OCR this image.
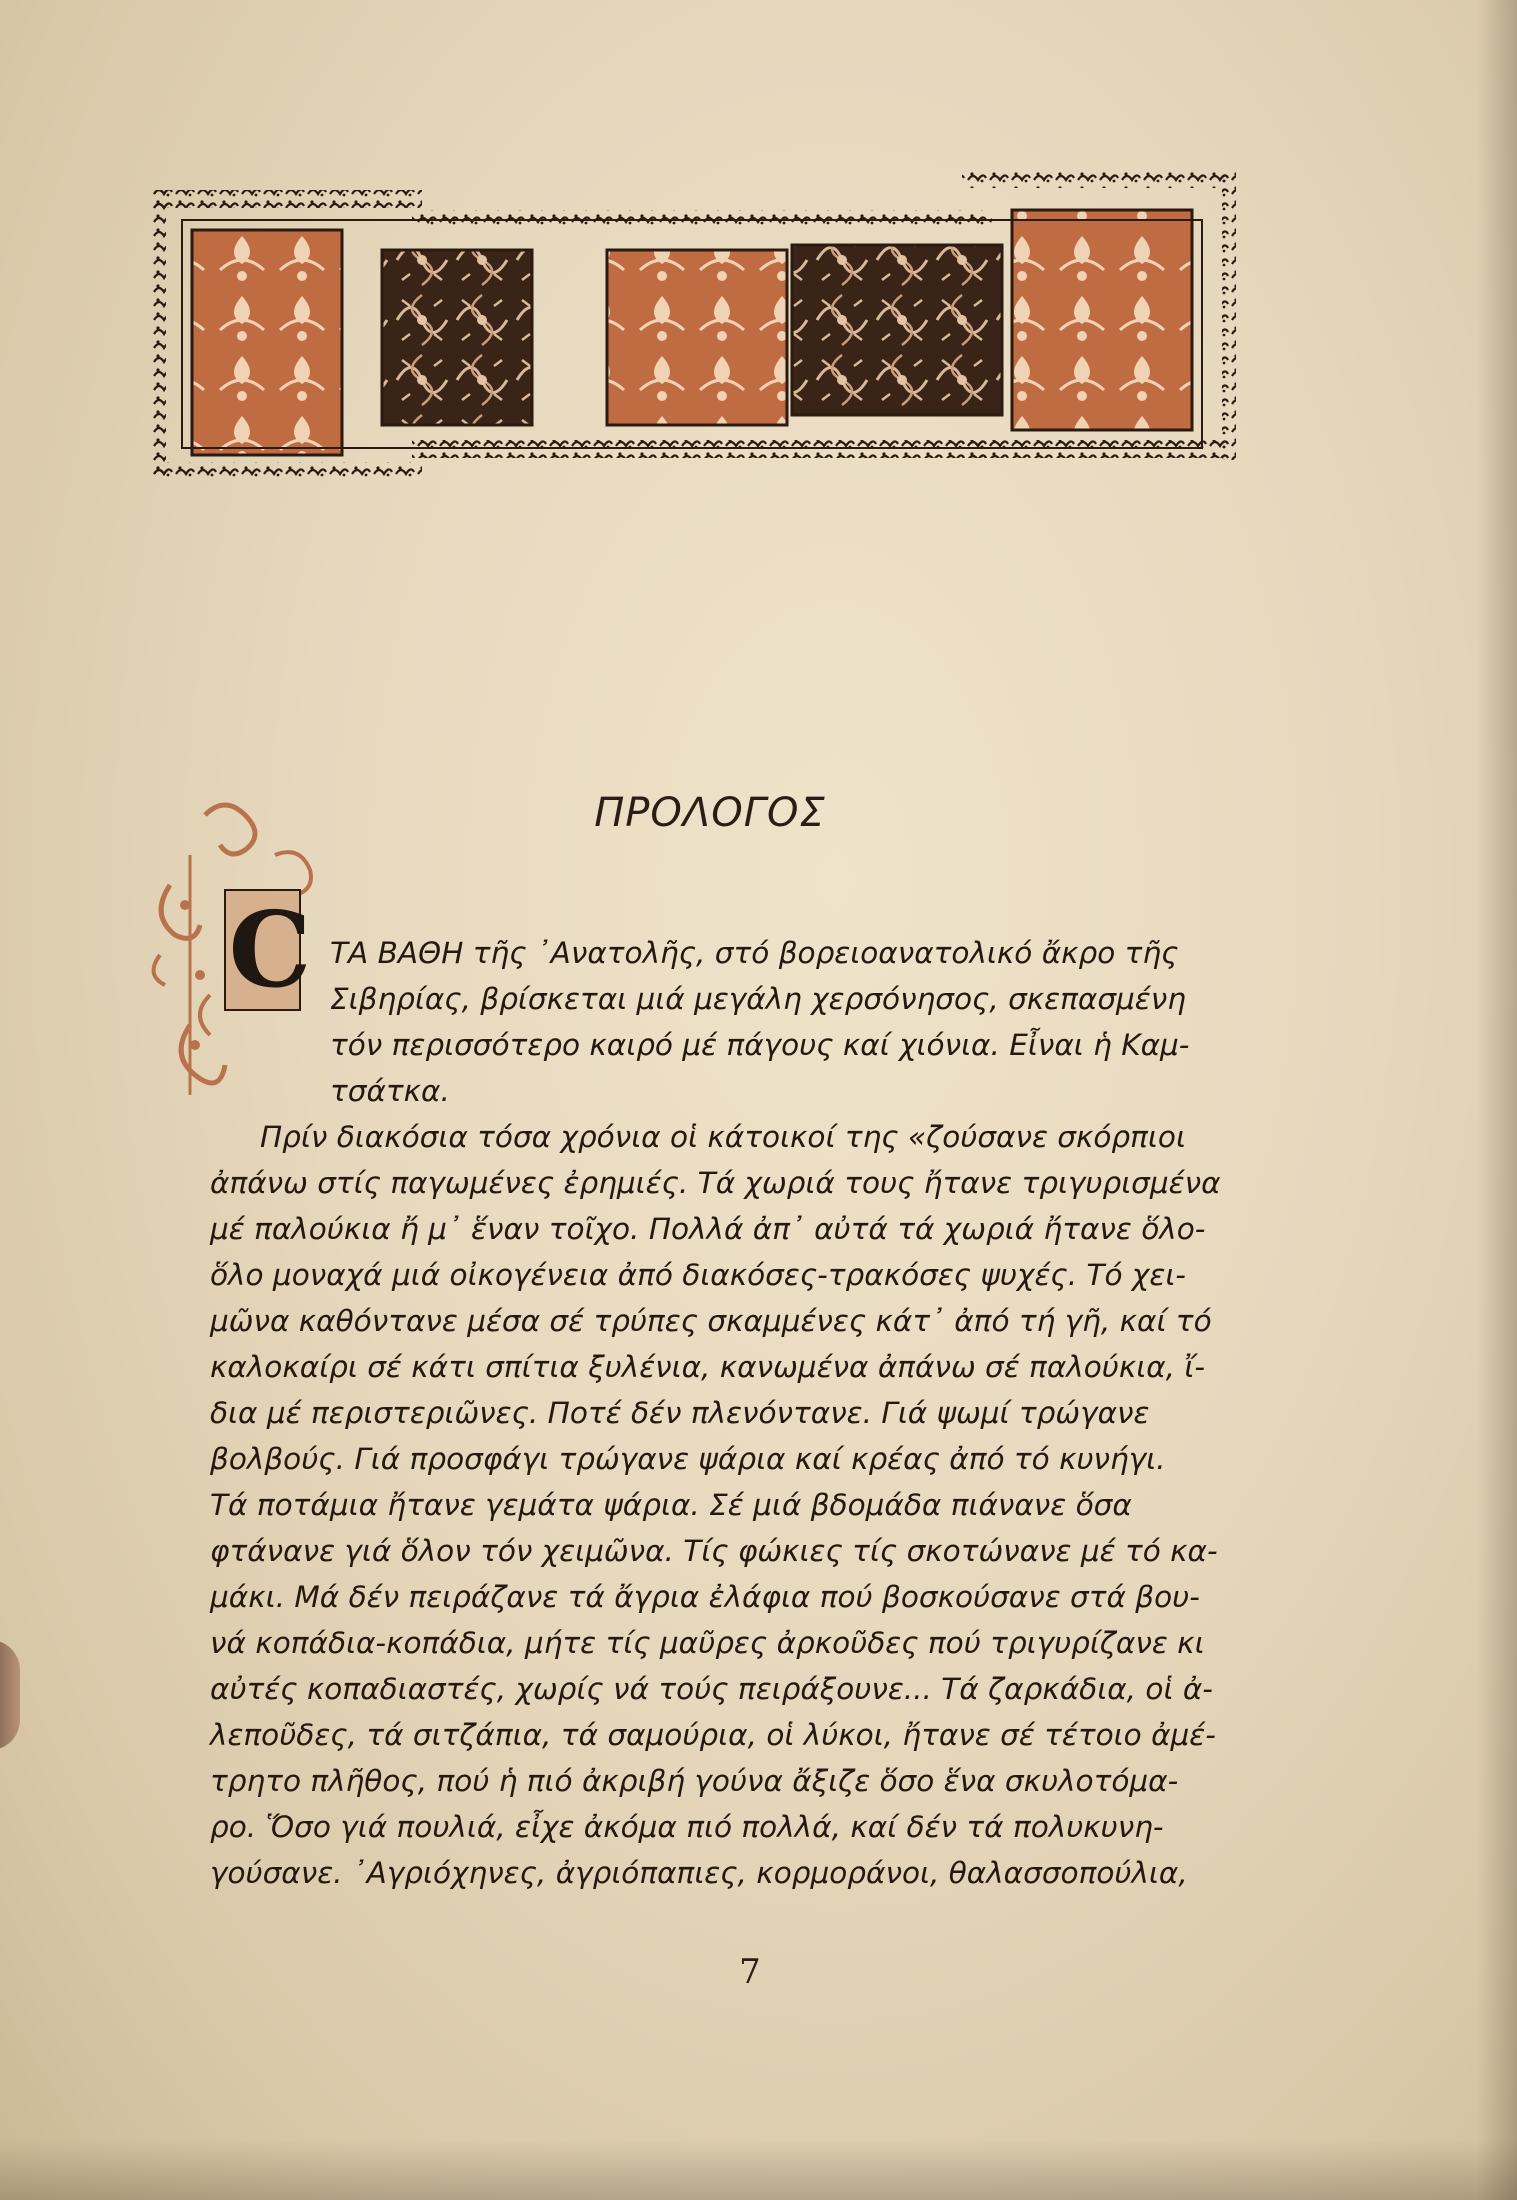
ΠΡΟΛΟΓΟΣ
C ΤΑ ΒΑΘΗ τῆς ᾿Ανατολῆς, στό βορειοανατολικό ἄκρο τῆς
Σιβηρίας, βρίσκεται μιά μεγάλη χερσόνησος, σκεπασμένη
τόν περισσότερο καιρό μέ πάγους καί χιόνια. Εἶναι ἡ Καμ-
τσάτκα.
Πρίν διακόσια τόσα χρόνια οἱ κάτοικοί της «ζούσανε σκόρπιοι
ἀπάνω στίς παγωμένες ἐρημιές. Τά χωριά τους ἤτανε τριγυρισμένα
μέ παλούκια ἤ μ᾿ ἕναν τοῖχο. Πολλά ἀπ᾿ αὐτά τά χωριά ἤτανε ὅλο-
ὅλο μοναχά μιά οἰκογένεια ἀπό διακόσες-τρακόσες ψυχές. Τό χει-
μῶνα καθόντανε μέσα σέ τρύπες σκαμμένες κάτ᾿ ἀπό τή γῆ, καί τό
καλοκαίρι σέ κάτι σπίτια ξυλένια, κανωμένα ἀπάνω σέ παλούκια, ἴ-
δια μέ περιστεριῶνες. Ποτέ δέν πλενόντανε. Γιά ψωμί τρώγανε
βολβούς. Γιά προσφάγι τρώγανε ψάρια καί κρέας ἀπό τό κυνήγι.
Τά ποτάμια ἤτανε γεμάτα ψάρια. Σέ μιά βδομάδα πιάνανε ὅσα
φτάνανε γιά ὅλον τόν χειμῶνα. Τίς φώκιες τίς σκοτώνανε μέ τό κα-
μάκι. Μά δέν πειράζανε τά ἄγρια ἐλάφια πού βοσκούσανε στά βου-
νά κοπάδια-κοπάδια, μήτε τίς μαῦρες ἀρκοῦδες πού τριγυρίζανε κι
αὐτές κοπαδιαστές, χωρίς νά τούς πειράξουνε... Τά ζαρκάδια, οἱ ἀ-
λεποῦδες, τά σιτζάπια, τά σαμούρια, οἱ λύκοι, ἤτανε σέ τέτοιο ἀμέ-
τρητο πλῆθος, πού ἡ πιό ἀκριβή γούνα ἄξιζε ὅσο ἕνα σκυλοτόμα-
ρο. Ὅσο γιά πουλιά, εἶχε ἀκόμα πιό πολλά, καί δέν τά πολυκυνη-
γούσανε. ᾿Αγριόχηνες, ἀγριόπαπιες, κορμοράνοι, θαλασσοπούλια,
7
